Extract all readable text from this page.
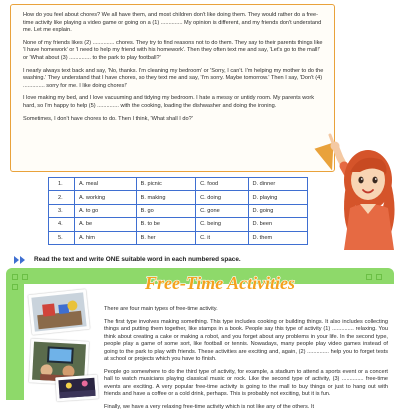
How do you feel about chores? We all have them, and most children don't like doing them. They would rather do a free-time activity like playing a video game or going on a (1) .............. My opinion is different, and my friends don't understand me. Let me explain.

None of my friends likes (2) .............. chores. They try to find reasons not to do them. They say to their parents things like 'I have homework' or 'I need to help my friend with his homework'. Then they often text me and say, 'Let's go to the mall!' or 'What about (3) .............. to the park to play football?'

I nearly always text back and say, 'No, thanks. I'm cleaning my bedroom' or 'Sorry, I can't. I'm helping my mother to do the washing.' They understand that I have chores, so they text me and say, 'I'm sorry. Maybe tomorrow.' Then I say, 'Don't (4) .............. sorry for me. I like doing chores!'

I love making my bed, and I love vacuuming and tidying my bedroom. I hate a messy or untidy room. My parents work hard, so I'm happy to help (5) .............. with the cooking, loading the dishwasher and doing the ironing.

Sometimes, I don't have chores to do. Then I think, 'What shall I do?'

1.	A. meal	B. picnic	C. food	D. dinner
2.	A. working	B. making	C. doing	D. playing
3.	A. to go	B. go	C. gone	D. going
4.	A. be	B. to be	C. being	D. been
5.	A. him	B. her	C. it	D. them
Read the text and write ONE suitable word in each numbered space.
Free-Time Activities

There are four main types of free-time activity.

The first type involves making something. This type includes cooking or building things. It also includes collecting things and putting them together, like stamps in a book. People say this type of activity (1) .............. relaxing. You think about creating a cake or making a robot, and you forget about any problems in your life. In the second type, people play a game of some sort, like football or tennis. Nowadays, many people play video games instead of going to the park to play with friends. These activities are exciting and, again, (2) .............. help you to forget tests at school or projects which you have to finish.

People go somewhere to do the third type of activity, for example, a stadium to attend a sports event or a concert hall to watch musicians playing classical music or rock. Like the second type of activity, (3) .............. free-time events are exciting. A very popular free-time activity is going to the mall to buy things or just to hang out with friends and have a coffee or a cold drink, perhaps. This is probably not exciting, but it is fun.

Finally, we have a very relaxing free-time activity which is not like any of the others. It
